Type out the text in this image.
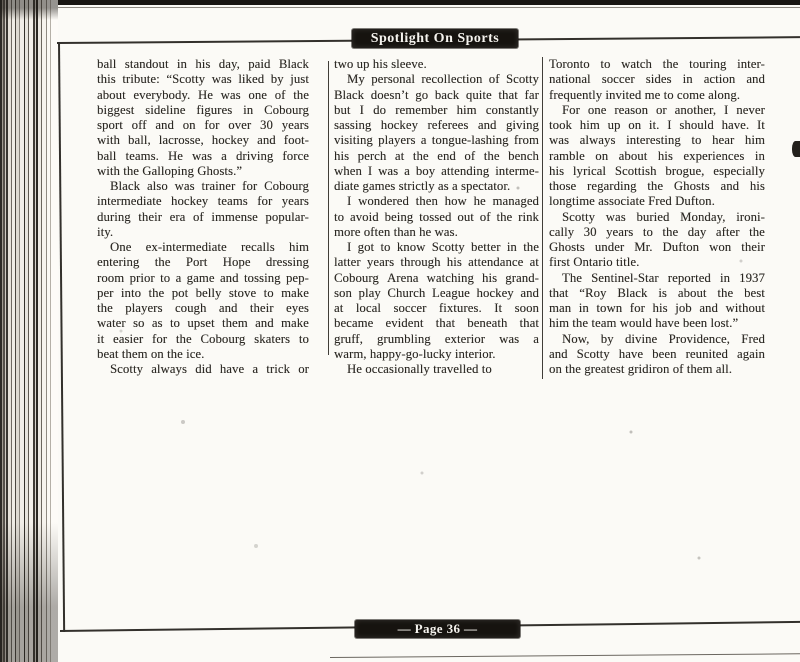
Spotlight On Sports
ball standout in his day, paid Black
this tribute: “Scotty was liked by just
about everybody. He was one of the
biggest sideline figures in Cobourg
sport off and on for over 30 years
with ball, lacrosse, hockey and foot-
ball teams. He was a driving force
with the Galloping Ghosts.”
Black also was trainer for Cobourg
intermediate hockey teams for years
during their era of immense popular-
ity.
One ex-intermediate recalls him
entering the Port Hope dressing
room prior to a game and tossing pep-
per into the pot belly stove to make
the players cough and their eyes
water so as to upset them and make
it easier for the Cobourg skaters to
beat them on the ice.
Scotty always did have a trick or
two up his sleeve.
My personal recollection of Scotty
Black doesn’t go back quite that far
but I do remember him constantly
sassing hockey referees and giving
visiting players a tongue-lashing from
his perch at the end of the bench
when I was a boy attending interme-
diate games strictly as a spectator.
I wondered then how he managed
to avoid being tossed out of the rink
more often than he was.
I got to know Scotty better in the
latter years through his attendance at
Cobourg Arena watching his grand-
son play Church League hockey and
at local soccer fixtures. It soon
became evident that beneath that
gruff, grumbling exterior was a
warm, happy-go-lucky interior.
He occasionally travelled to
Toronto to watch the touring inter-
national soccer sides in action and
frequently invited me to come along.
For one reason or another, I never
took him up on it. I should have. It
was always interesting to hear him
ramble on about his experiences in
his lyrical Scottish brogue, especially
those regarding the Ghosts and his
longtime associate Fred Dufton.
Scotty was buried Monday, ironi-
cally 30 years to the day after the
Ghosts under Mr. Dufton won their
first Ontario title.
The Sentinel-Star reported in 1937
that “Roy Black is about the best
man in town for his job and without
him the team would have been lost.”
Now, by divine Providence, Fred
and Scotty have been reunited again
on the greatest gridiron of them all.
— Page 36 —
